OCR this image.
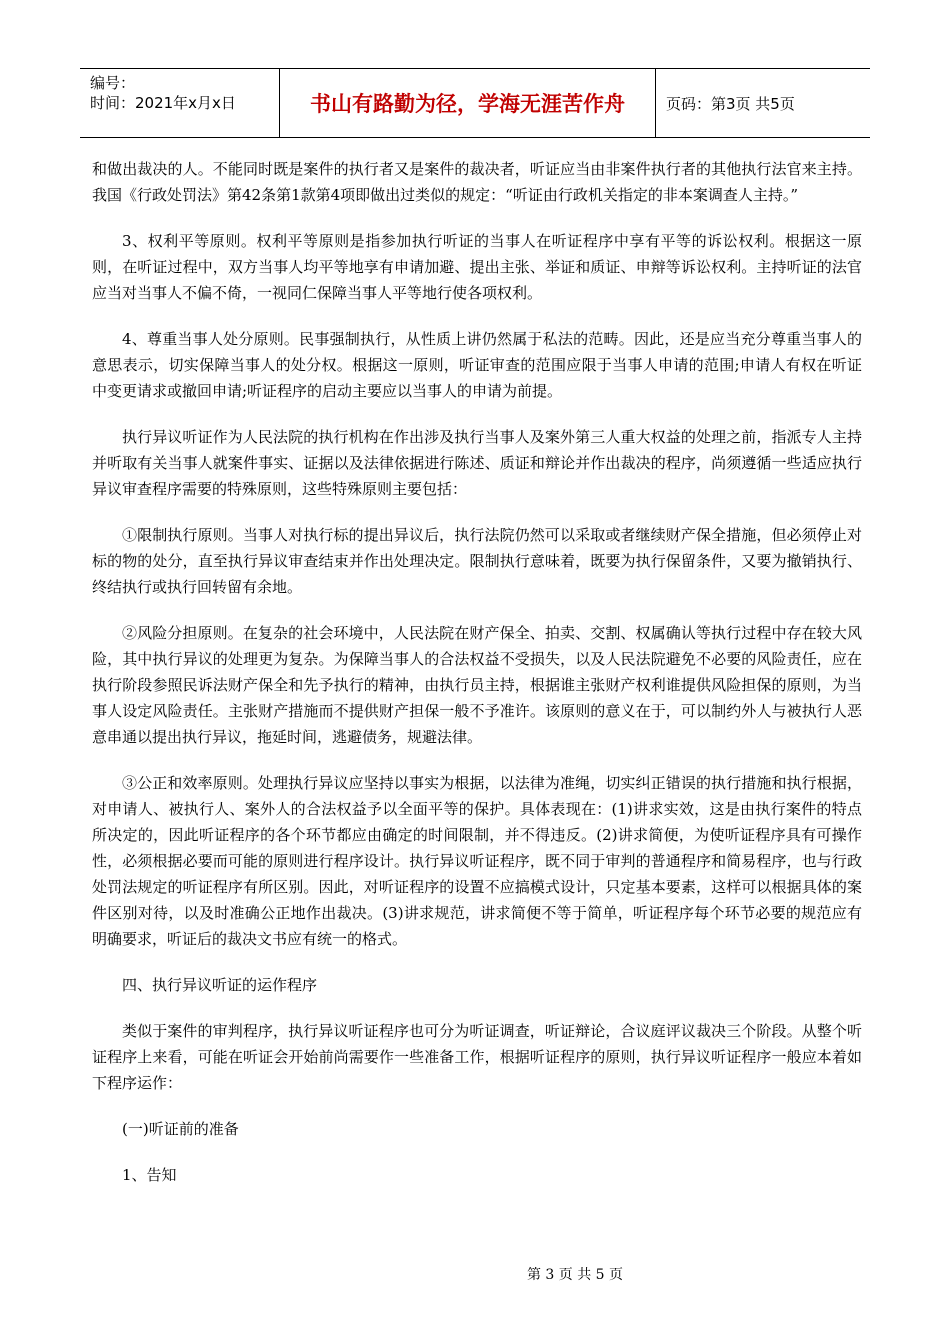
编号：
时间：2021年x月x日	书山有路勤为径，学海无涯苦作舟	页码：第3页 共5页

和做出裁决的人。不能同时既是案件的执行者又是案件的裁决者，听证应当由非案件执行者的其他执行法官来主持。我国《行政处罚法》第42条第1款第4项即做出过类似的规定：“听证由行政机关指定的非本案调查人主持。”

3、权利平等原则。权利平等原则是指参加执行听证的当事人在听证程序中享有平等的诉讼权利。根据这一原则，在听证过程中，双方当事人均平等地享有申请加避、提出主张、举证和质证、申辩等诉讼权利。主持听证的法官应当对当事人不偏不倚，一视同仁保障当事人平等地行使各项权利。

4、尊重当事人处分原则。民事强制执行，从性质上讲仍然属于私法的范畴。因此，还是应当充分尊重当事人的意思表示，切实保障当事人的处分权。根据这一原则，听证审查的范围应限于当事人申请的范围;申请人有权在听证中变更请求或撤回申请;听证程序的启动主要应以当事人的申请为前提。

执行异议听证作为人民法院的执行机构在作出涉及执行当事人及案外第三人重大权益的处理之前，指派专人主持并听取有关当事人就案件事实、证据以及法律依据进行陈述、质证和辩论并作出裁决的程序，尚须遵循一些适应执行异议审查程序需要的特殊原则，这些特殊原则主要包括：

①限制执行原则。当事人对执行标的提出异议后，执行法院仍然可以采取或者继续财产保全措施，但必须停止对标的物的处分，直至执行异议审查结束并作出处理决定。限制执行意味着，既要为执行保留条件，又要为撤销执行、终结执行或执行回转留有余地。

②风险分担原则。在复杂的社会环境中，人民法院在财产保全、拍卖、交割、权属确认等执行过程中存在较大风险，其中执行异议的处理更为复杂。为保障当事人的合法权益不受损失，以及人民法院避免不必要的风险责任，应在执行阶段参照民诉法财产保全和先予执行的精神，由执行员主持，根据谁主张财产权利谁提供风险担保的原则，为当事人设定风险责任。主张财产措施而不提供财产担保一般不予准许。该原则的意义在于，可以制约外人与被执行人恶意串通以提出执行异议，拖延时间，逃避债务，规避法律。

③公正和效率原则。处理执行异议应坚持以事实为根据，以法律为准绳，切实纠正错误的执行措施和执行根据，对申请人、被执行人、案外人的合法权益予以全面平等的保护。具体表现在：(1)讲求实效，这是由执行案件的特点所决定的，因此听证程序的各个环节都应由确定的时间限制，并不得违反。(2)讲求简便，为使听证程序具有可操作性，必须根据必要而可能的原则进行程序设计。执行异议听证程序，既不同于审判的普通程序和简易程序，也与行政处罚法规定的听证程序有所区别。因此，对听证程序的设置不应搞模式设计，只定基本要素，这样可以根据具体的案件区别对待，以及时准确公正地作出裁决。(3)讲求规范，讲求简便不等于简单，听证程序每个环节必要的规范应有明确要求，听证后的裁决文书应有统一的格式。

四、执行异议听证的运作程序

类似于案件的审判程序，执行异议听证程序也可分为听证调查，听证辩论，合议庭评议裁决三个阶段。从整个听证程序上来看，可能在听证会开始前尚需要作一些准备工作，根据听证程序的原则，执行异议听证程序一般应本着如下程序运作：

(一)听证前的准备

1、告知

第 3 页 共 5 页
